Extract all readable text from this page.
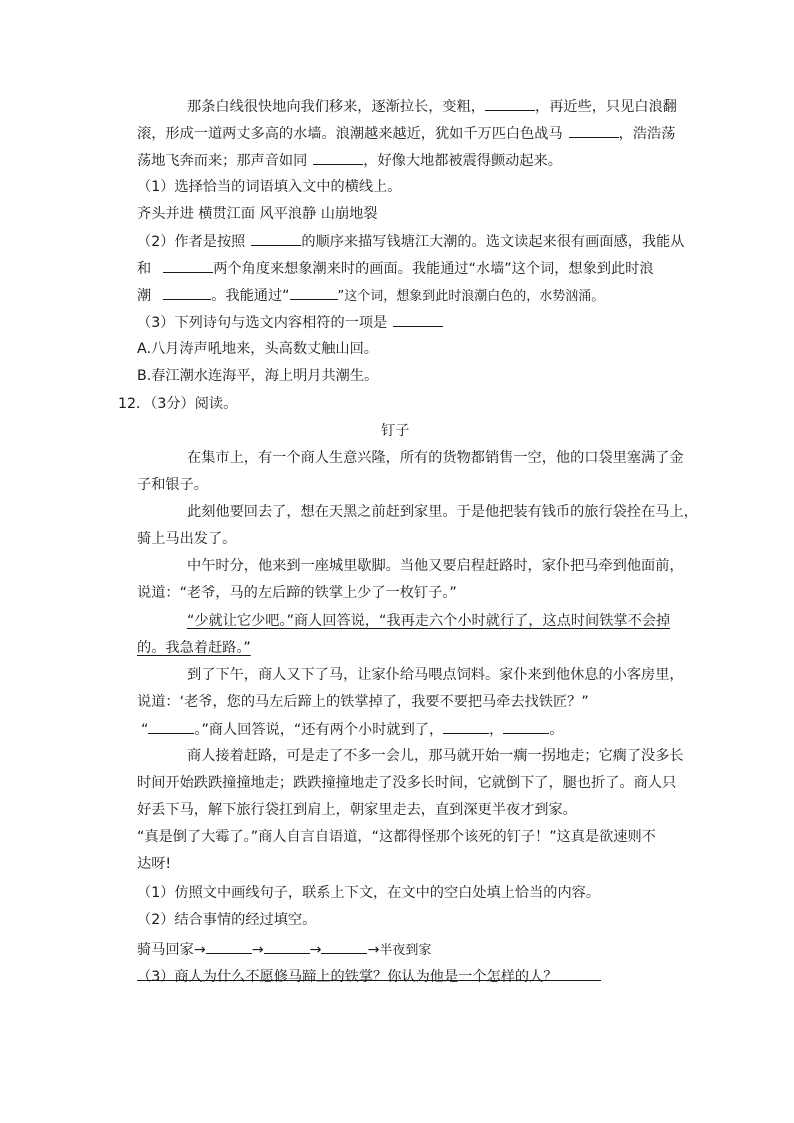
那条白线很快地向我们移来，逐渐拉长，变粗，	，再近些，只见白浪翻
滚，形成一道两丈多高的水墙。浪潮越来越近，犹如千万匹白色战马	，浩浩荡
荡地飞奔而来；那声音如同	，好像大地都被震得颤动起来。
（1）选择恰当的词语填入文中的横线上。
齐头并进 横贯江面 风平浪静 山崩地裂
（2）作者是按照	的顺序来描写钱塘江大潮的。选文读起来很有画面感，我能从
和	两个角度来想象潮来时的画面。我能通过“水墙”这个词，想象到此时浪
潮	。我能通过“	”这个词，想象到此时浪潮白色的，水势汹涌。
（3）下列诗句与选文内容相符的一项是
A.八月涛声吼地来，头高数丈触山回。
B.春江潮水连海平，海上明月共潮生。
12．（3分）阅读。
钉子
在集市上，有一个商人生意兴隆，所有的货物都销售一空，他的口袋里塞满了金
子和银子。
此刻他要回去了，想在天黑之前赶到家里。于是他把装有钱币的旅行袋拴在马上，
骑上马出发了。
中午时分，他来到一座城里歇脚。当他又要启程赶路时，家仆把马牵到他面前，
说道：“老爷，马的左后蹄的铁掌上少了一枚钉子。”
“少就让它少吧。”商人回答说，“我再走六个小时就行了，这点时间铁掌不会掉
的。我急着赶路。”
到了下午，商人又下了马，让家仆给马喂点饲料。家仆来到他休息的小客房里，
说道：‘老爷，您的马左后蹄上的铁掌掉了，我要不要把马牵去找铁匠？”
“	。”商人回答说，“还有两个小时就到了，	，	。
商人接着赶路，可是走了不多一会儿，那马就开始一瘸一拐地走；它瘸了没多长
时间开始跌跌撞撞地走；跌跌撞撞地走了没多长时间，它就倒下了，腿也折了。商人只
好丢下马，解下旅行袋扛到肩上，朝家里走去，直到深更半夜才到家。
“真是倒了大霉了。”商人自言自语道，“这都得怪那个该死的钉子！”这真是欲速则不
达呀!
（1）仿照文中画线句子，联系上下文，在文中的空白处填上恰当的内容。
（2）结合事情的经过填空。
骑马回家→	→	→	→半夜到家
（3）商人为什么不愿修马蹄上的铁掌？你认为他是一个怎样的人？
